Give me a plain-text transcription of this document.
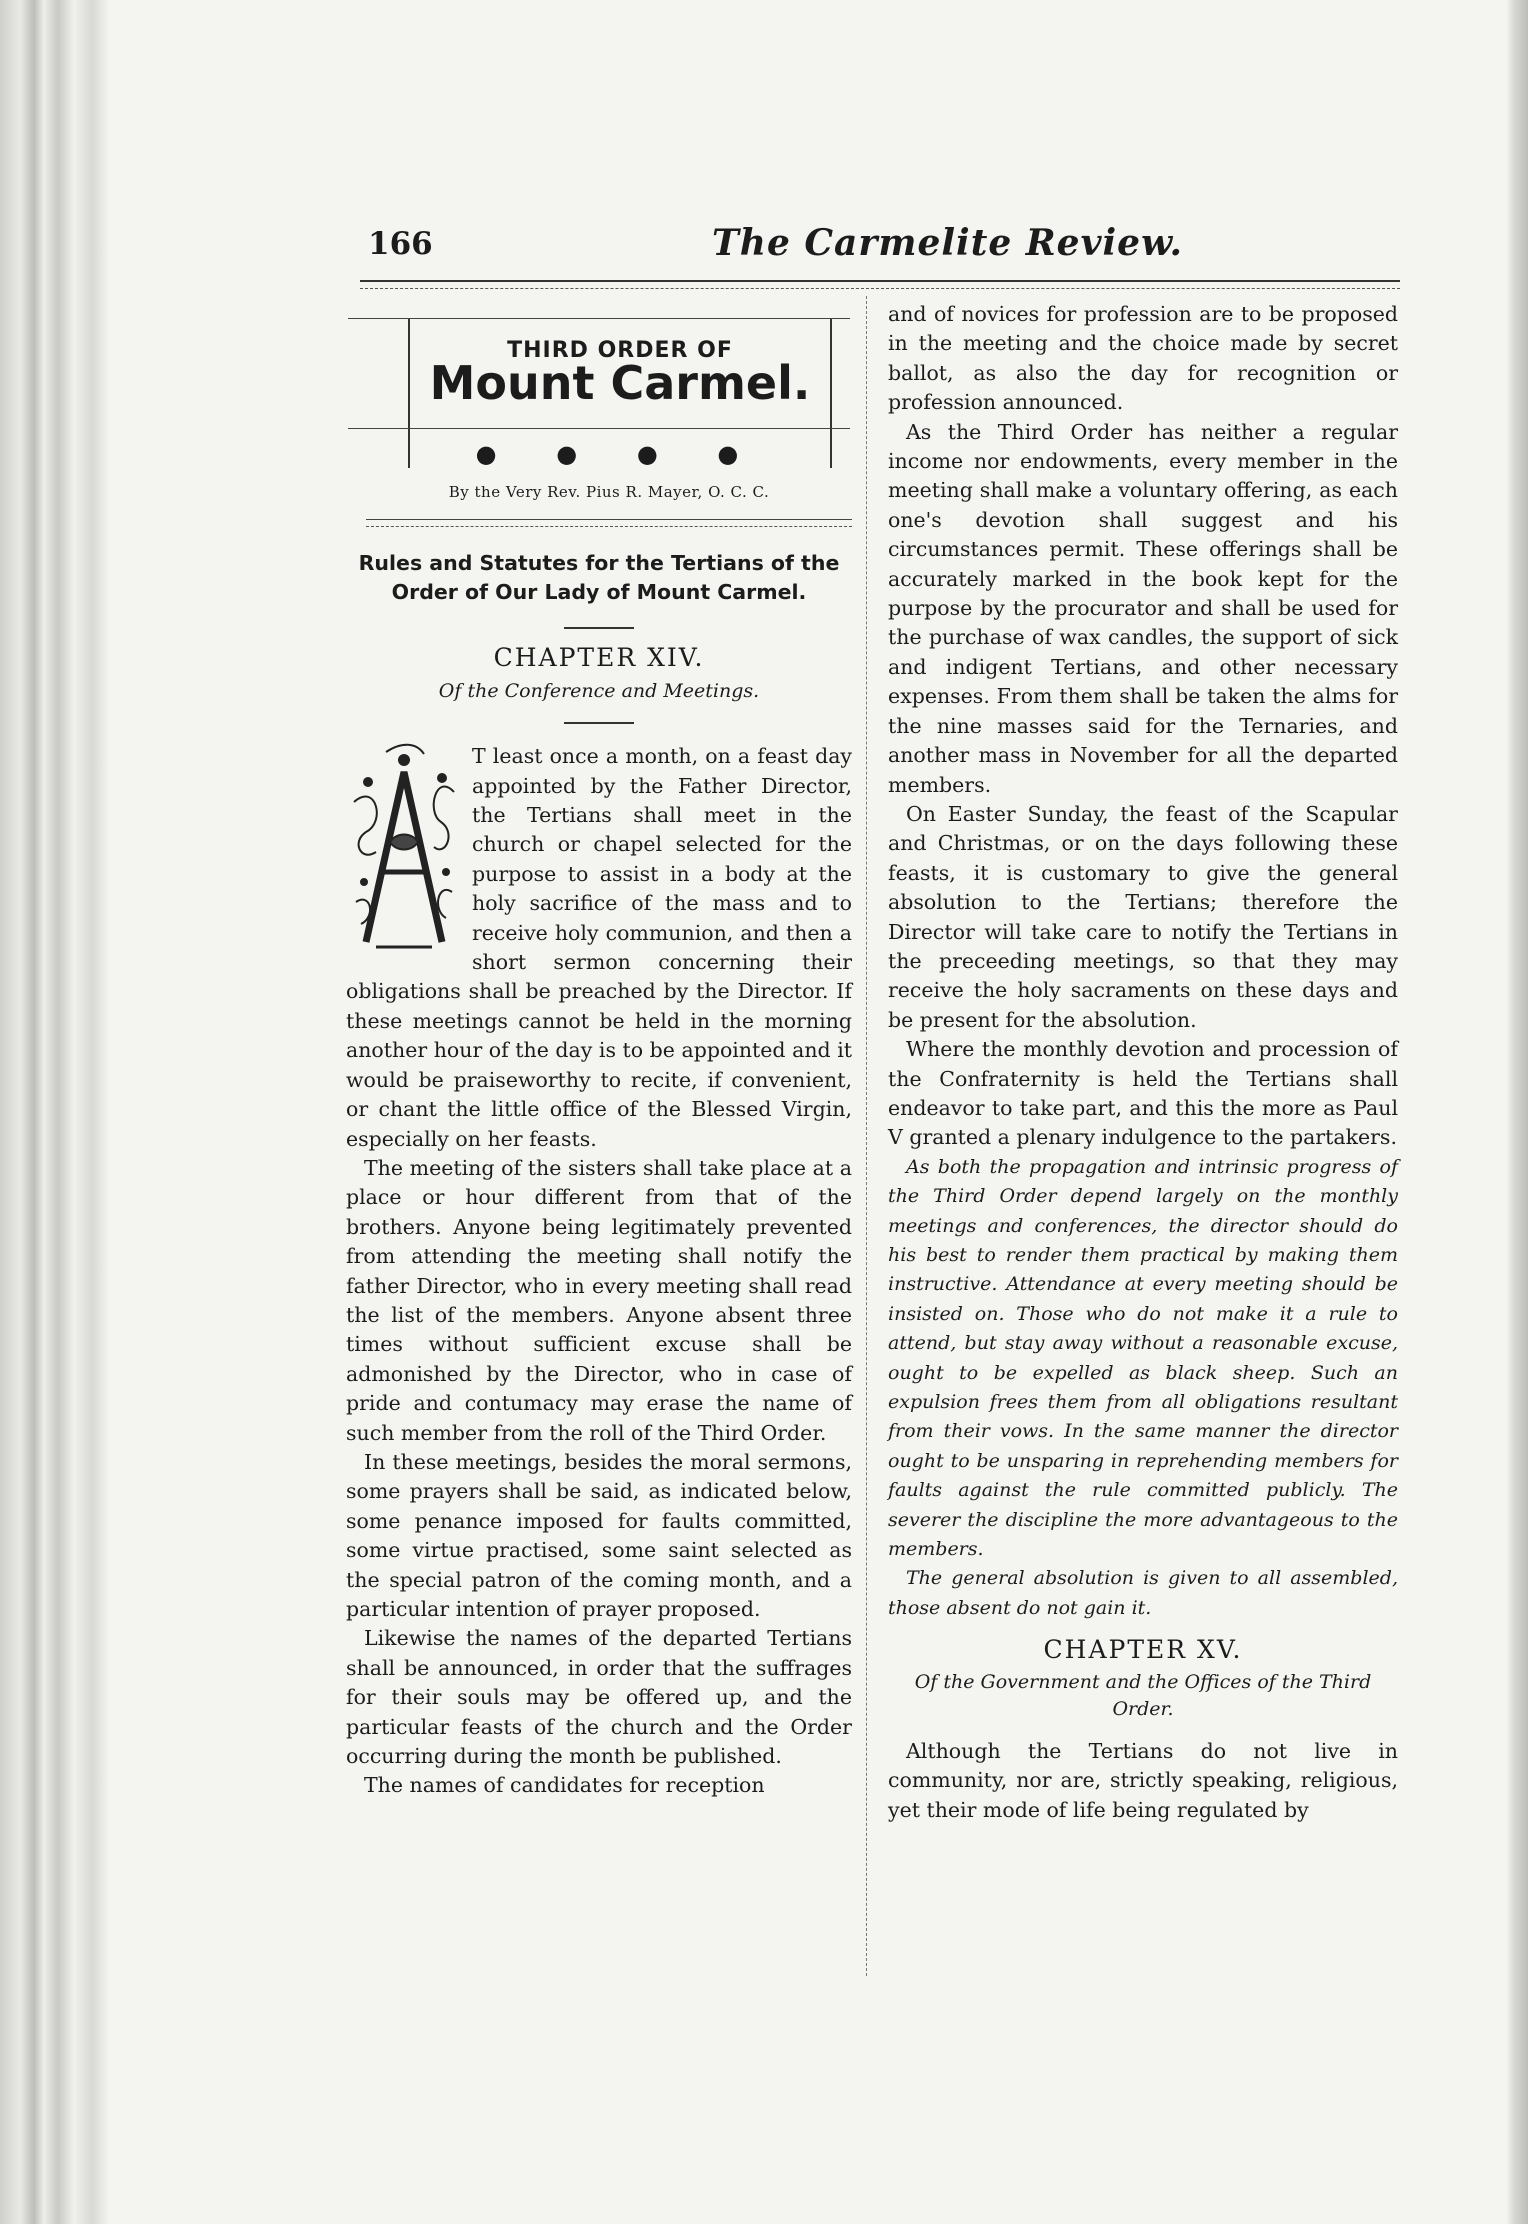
166	The Carmelite Review.
THIRD ORDER OF
Mount Carmel.
● ● ● ●
By the Very Rev. Pius R. Mayer, O. C. C.
Rules and Statutes for the Tertians of the Order of Our Lady of Mount Carmel.
CHAPTER XIV.
Of the Conference and Meetings.

T least once a month, on a feast day appointed by the Father Director, the Tertians shall meet in the church or chapel selected for the purpose to assist in a body at the holy sacrifice of the mass and to receive holy communion, and then a short sermon concerning their obligations shall be preached by the Director. If these meetings cannot be held in the morning another hour of the day is to be appointed and it would be praiseworthy to recite, if convenient, or chant the little office of the Blessed Virgin, especially on her feasts.

The meeting of the sisters shall take place at a place or hour different from that of the brothers. Anyone being legitimately prevented from attending the meeting shall notify the father Director, who in every meeting shall read the list of the members. Anyone absent three times without sufficient excuse shall be admonished by the Director, who in case of pride and contumacy may erase the name of such member from the roll of the Third Order.

In these meetings, besides the moral sermons, some prayers shall be said, as indicated below, some penance imposed for faults committed, some virtue practised, some saint selected as the special patron of the coming month, and a particular intention of prayer proposed.

Likewise the names of the departed Tertians shall be announced, in order that the suffrages for their souls may be offered up, and the particular feasts of the church and the Order occurring during the month be published.

The names of candidates for reception

and of novices for profession are to be proposed in the meeting and the choice made by secret ballot, as also the day for recognition or profession announced.

As the Third Order has neither a regular income nor endowments, every member in the meeting shall make a voluntary offering, as each one's devotion shall suggest and his circumstances permit. These offerings shall be accurately marked in the book kept for the purpose by the procurator and shall be used for the purchase of wax candles, the support of sick and indigent Tertians, and other necessary expenses. From them shall be taken the alms for the nine masses said for the Ternaries, and another mass in November for all the departed members.

On Easter Sunday, the feast of the Scapular and Christmas, or on the days following these feasts, it is customary to give the general absolution to the Tertians; therefore the Director will take care to notify the Tertians in the preceeding meetings, so that they may receive the holy sacraments on these days and be present for the absolution.

Where the monthly devotion and procession of the Confraternity is held the Tertians shall endeavor to take part, and this the more as Paul V granted a plenary indulgence to the partakers.

As both the propagation and intrinsic progress of the Third Order depend largely on the monthly meetings and conferences, the director should do his best to render them practical by making them instructive. Attendance at every meeting should be insisted on. Those who do not make it a rule to attend, but stay away without a reasonable excuse, ought to be expelled as black sheep. Such an expulsion frees them from all obligations resultant from their vows. In the same manner the director ought to be unsparing in reprehending members for faults against the rule committed publicly. The severer the discipline the more advantageous to the members.

The general absolution is given to all assembled, those absent do not gain it.

CHAPTER XV.
Of the Government and the Offices of the Third Order.

Although the Tertians do not live in community, nor are, strictly speaking, religious, yet their mode of life being regulated by
